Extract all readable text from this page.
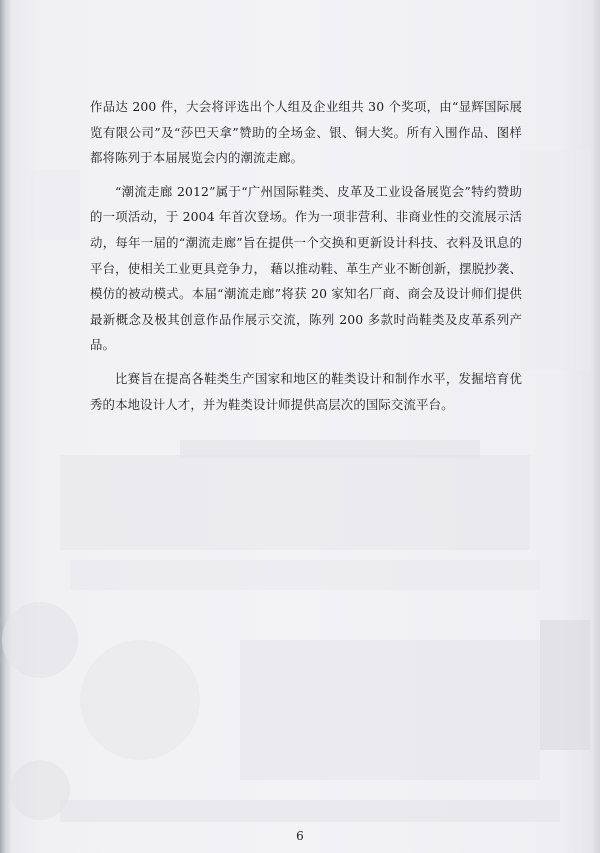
作品达 200 件，大会将评选出个人组及企业组共 30 个奖项，由“显辉国际展览有限公司”及“莎巴天拿”赞助的全场金、银、铜大奖。所有入围作品、图样都将陈列于本届展览会内的潮流走廊。

“潮流走廊 2012”属于“广州国际鞋类、皮革及工业设备展览会”特约赞助的一项活动，于 2004 年首次登场。作为一项非营利、非商业性的交流展示活动，每年一届的“潮流走廊”旨在提供一个交换和更新设计科技、衣料及讯息的平台，使相关工业更具竞争力， 藉以推动鞋、革生产业不断创新，摆脱抄袭、模仿的被动模式。本届“潮流走廊”将获 20 家知名厂商、商会及设计师们提供最新概念及极其创意作品作展示交流，陈列 200 多款时尚鞋类及皮革系列产品。

比赛旨在提高各鞋类生产国家和地区的鞋类设计和制作水平，发掘培育优秀的本地设计人才，并为鞋类设计师提供高层次的国际交流平台。

6
